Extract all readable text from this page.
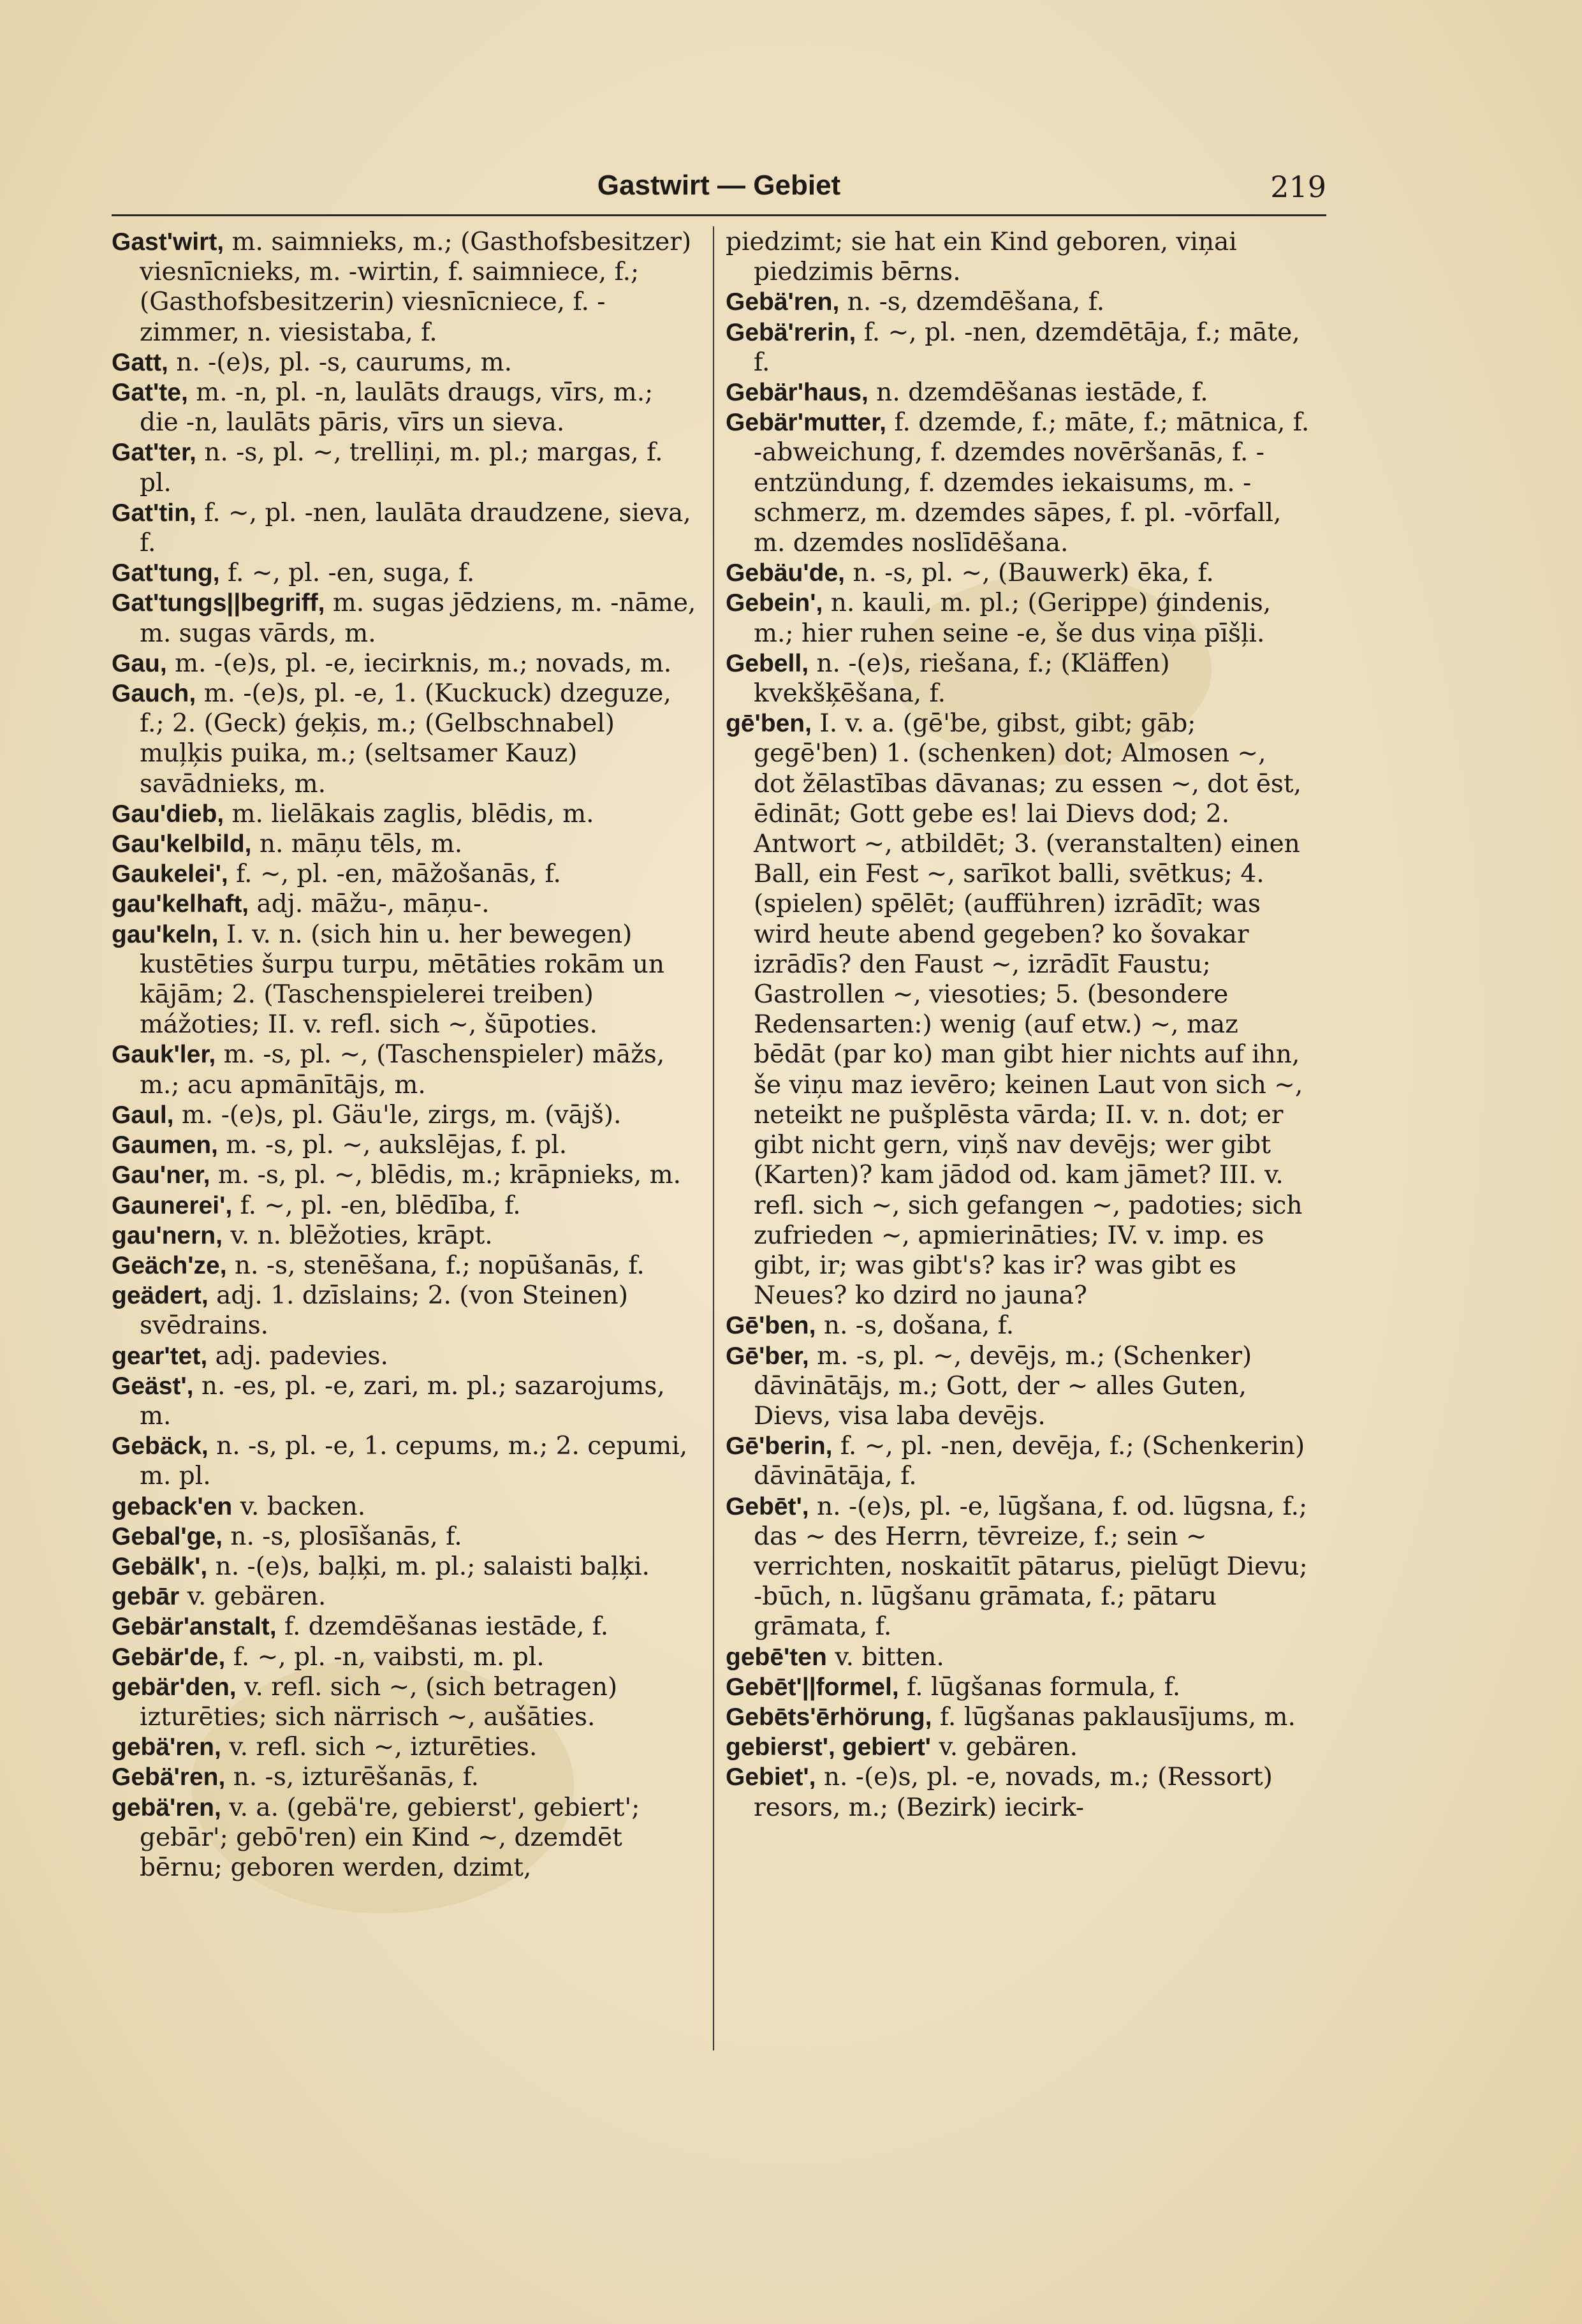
Gastwirt — Gebiet	219

Gast'wirt, m. saimnieks, m.; (Gasthofsbesitzer) viesnīcnieks, m. -wirtin, f. saimniece, f.; (Gasthofsbesitzerin) viesnīcniece, f. -zimmer, n. viesistaba, f.

Gatt, n. -(e)s, pl. -s, caurums, m.

Gat'te, m. -n, pl. -n, laulāts draugs, vīrs, m.; die -n, laulāts pāris, vīrs un sieva.

Gat'ter, n. -s, pl. ~, trelliņi, m. pl.; margas, f. pl.

Gat'tin, f. ~, pl. -nen, laulāta draudzene, sieva, f.

Gat'tung, f. ~, pl. -en, suga, f.

Gat'tungs||begriff, m. sugas jēdziens, m. -nāme, m. sugas vārds, m.

Gau, m. -(e)s, pl. -e, iecirknis, m.; novads, m.

Gauch, m. -(e)s, pl. -e, 1. (Kuckuck) dzeguze, f.; 2. (Geck) ģeķis, m.; (Gelbschnabel) muļķis puika, m.; (seltsamer Kauz) savādnieks, m.

Gau'dieb, m. lielākais zaglis, blēdis, m.

Gau'kelbild, n. māņu tēls, m.

Gaukelei', f. ~, pl. -en, māžošanās, f.

gau'kelhaft, adj. māžu-, māņu-.

gau'keln, I. v. n. (sich hin u. her bewegen) kustēties šurpu turpu, mētāties rokām un kājām; 2. (Taschenspielerei treiben) mážoties; II. v. refl. sich ~, šūpoties.

Gauk'ler, m. -s, pl. ~, (Taschenspieler) māžs, m.; acu apmānītājs, m.

Gaul, m. -(e)s, pl. Gäu'le, zirgs, m. (vājš).

Gaumen, m. -s, pl. ~, aukslējas, f. pl.

Gau'ner, m. -s, pl. ~, blēdis, m.; krāpnieks, m.

Gaunerei', f. ~, pl. -en, blēdība, f.

gau'nern, v. n. blēžoties, krāpt.

Geäch'ze, n. -s, stenēšana, f.; nopūšanās, f.

geädert, adj. 1. dzīslains; 2. (von Steinen) svēdrains.

gear'tet, adj. padevies.

Geäst', n. -es, pl. -e, zari, m. pl.; sazarojums, m.

Gebäck, n. -s, pl. -e, 1. cepums, m.; 2. cepumi, m. pl.

geback'en v. backen.

Gebal'ge, n. -s, plosīšanās, f.

Gebälk', n. -(e)s, baļķi, m. pl.; salaisti baļķi.

gebār v. gebären.

Gebär'anstalt, f. dzemdēšanas iestāde, f.

Gebär'de, f. ~, pl. -n, vaibsti, m. pl.

gebär'den, v. refl. sich ~, (sich betragen) izturēties; sich närrisch ~, aušāties.

gebä'ren, v. refl. sich ~, izturēties.

Gebä'ren, n. -s, izturēšanās, f.

gebä'ren, v. a. (gebä're, gebierst', gebiert'; gebār'; gebō'ren) ein Kind ~, dzemdēt bērnu; geboren werden, dzimt,

piedzimt; sie hat ein Kind geboren, viņai piedzimis bērns.

Gebä'ren, n. -s, dzemdēšana, f.

Gebä'rerin, f. ~, pl. -nen, dzemdētāja, f.; māte, f.

Gebär'haus, n. dzemdēšanas iestāde, f.

Gebär'mutter, f. dzemde, f.; māte, f.; mātnica, f. -abweichung, f. dzemdes novēršanās, f. -entzündung, f. dzemdes iekaisums, m. -schmerz, m. dzemdes sāpes, f. pl. -vōrfall, m. dzemdes noslīdēšana.

Gebäu'de, n. -s, pl. ~, (Bauwerk) ēka, f.

Gebein', n. kauli, m. pl.; (Gerippe) ģindenis, m.; hier ruhen seine -e, še dus viņa pīšļi.

Gebell, n. -(e)s, riešana, f.; (Kläffen) kvekšķēšana, f.

gē'ben, I. v. a. (gē'be, gibst, gibt; gāb; gegē'ben) 1. (schenken) dot; Almosen ~, dot žēlastības dāvanas; zu essen ~, dot ēst, ēdināt; Gott gebe es! lai Dievs dod; 2. Antwort ~, atbildēt; 3. (veranstalten) einen Ball, ein Fest ~, sarīkot balli, svētkus; 4. (spielen) spēlēt; (aufführen) izrādīt; was wird heute abend gegeben? ko šovakar izrādīs? den Faust ~, izrādīt Faustu; Gastrollen ~, viesoties; 5. (besondere Redensarten:) wenig (auf etw.) ~, maz bēdāt (par ko) man gibt hier nichts auf ihn, še viņu maz ievēro; keinen Laut von sich ~, neteikt ne pušplēsta vārda; II. v. n. dot; er gibt nicht gern, viņš nav devējs; wer gibt (Karten)? kam jādod od. kam jāmet? III. v. refl. sich ~, sich gefangen ~, padoties; sich zufrieden ~, apmierināties; IV. v. imp. es gibt, ir; was gibt's? kas ir? was gibt es Neues? ko dzird no jauna?

Gē'ben, n. -s, došana, f.

Gē'ber, m. -s, pl. ~, devējs, m.; (Schenker) dāvinātājs, m.; Gott, der ~ alles Guten, Dievs, visa laba devējs.

Gē'berin, f. ~, pl. -nen, devēja, f.; (Schenkerin) dāvinātāja, f.

Gebēt', n. -(e)s, pl. -e, lūgšana, f. od. lūgsna, f.; das ~ des Herrn, tēvreize, f.; sein ~ verrichten, noskaitīt pātarus, pielūgt Dievu; -būch, n. lūgšanu grāmata, f.; pātaru grāmata, f.

gebē'ten v. bitten.

Gebēt'||formel, f. lūgšanas formula, f.

Gebēts'ērhörung, f. lūgšanas paklausījums, m.

gebierst', gebiert' v. gebären.

Gebiet', n. -(e)s, pl. -e, novads, m.; (Ressort) resors, m.; (Bezirk) iecirk-
